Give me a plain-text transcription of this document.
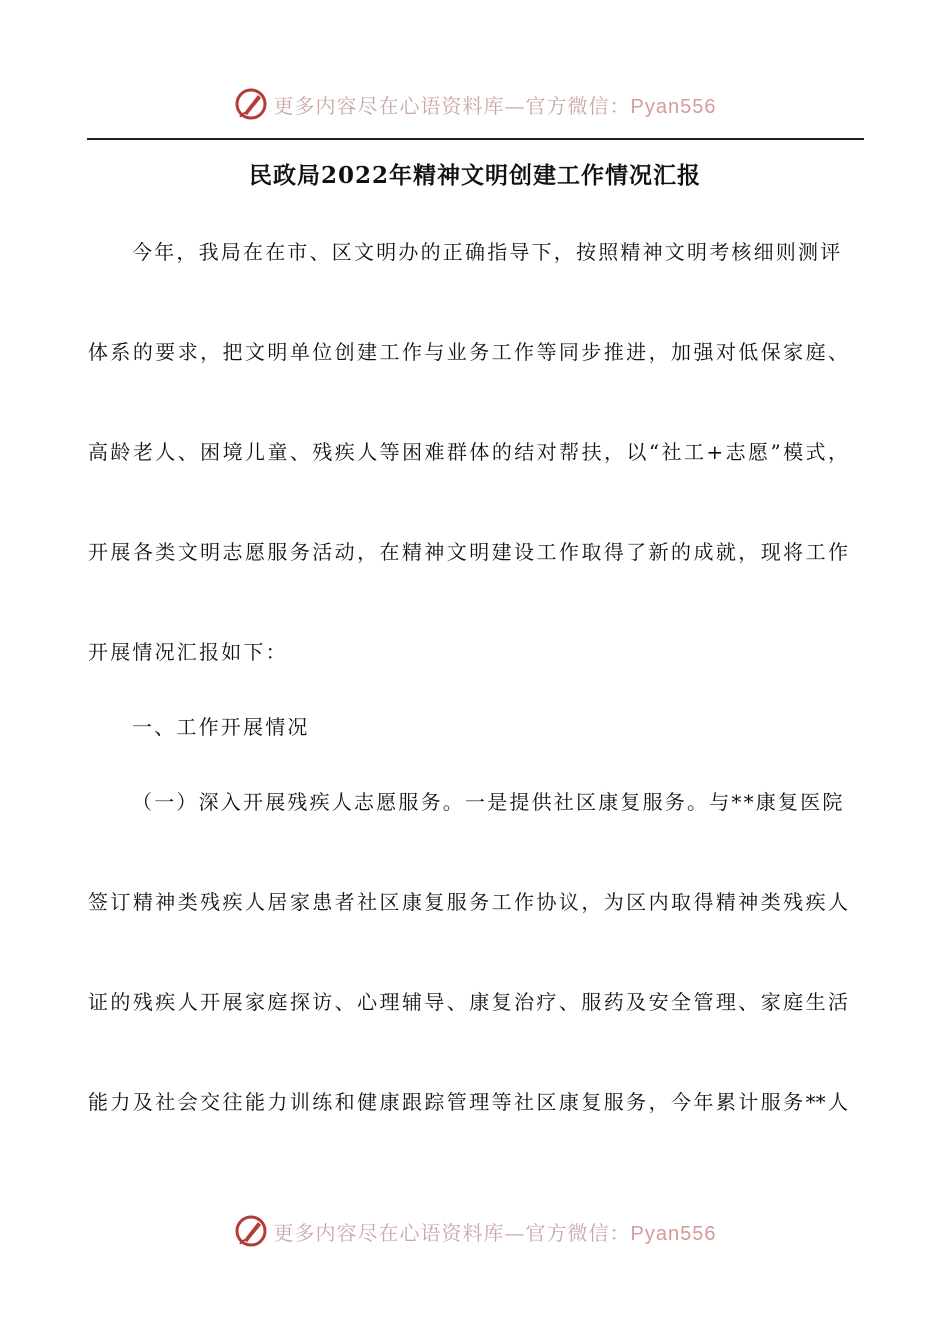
更多内容尽在心语资料库—官方微信：Pyan556
民政局2022年精神文明创建工作情况汇报
今年，我局在在市、区文明办的正确指导下，按照精神文明考核细则测评
体系的要求，把文明单位创建工作与业务工作等同步推进，加强对低保家庭、
高龄老人、困境儿童、残疾人等困难群体的结对帮扶，以“社工+志愿”模式，
开展各类文明志愿服务活动，在精神文明建设工作取得了新的成就，现将工作
开展情况汇报如下：
一、工作开展情况
（一）深入开展残疾人志愿服务。一是提供社区康复服务。与**康复医院
签订精神类残疾人居家患者社区康复服务工作协议，为区内取得精神类残疾人
证的残疾人开展家庭探访、心理辅导、康复治疗、服药及安全管理、家庭生活
能力及社会交往能力训练和健康跟踪管理等社区康复服务，今年累计服务**人
更多内容尽在心语资料库—官方微信：Pyan556
